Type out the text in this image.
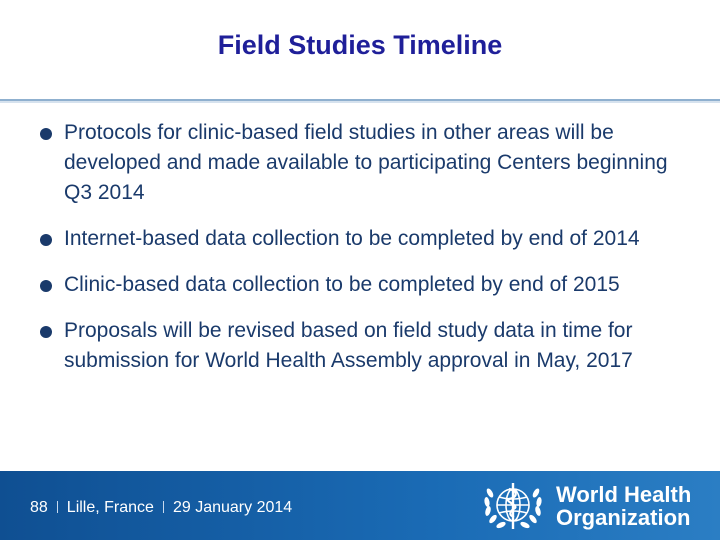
Field Studies Timeline
Protocols for clinic-based field studies in other areas will be developed and made available to participating Centers beginning Q3 2014
Internet-based data collection to be completed by end of 2014
Clinic-based data collection to be completed by end of 2015
Proposals will be revised based on field study data in time for submission for World Health Assembly approval in May, 2017
88 Lille, France 29 January 2014
World Health
Organization
